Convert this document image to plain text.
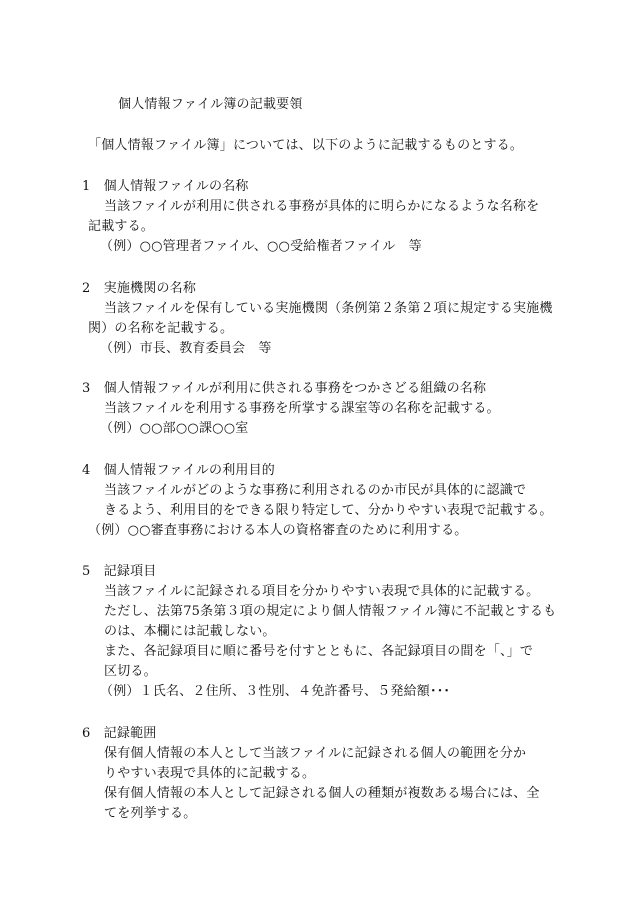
個人情報ファイル簿の記載要領
「個人情報ファイル簿」については、以下のように記載するものとする。
1　個人情報ファイルの名称
当該ファイルが利用に供される事務が具体的に明らかになるような名称を
記載する。
（例）○○管理者ファイル、○○受給権者ファイル　等
2　実施機関の名称
当該ファイルを保有している実施機関（条例第２条第２項に規定する実施機
関）の名称を記載する。
（例）市長、教育委員会　等
3　個人情報ファイルが利用に供される事務をつかさどる組織の名称
当該ファイルを利用する事務を所掌する課室等の名称を記載する。
（例）○○部○○課○○室
4　個人情報ファイルの利用目的
当該ファイルがどのような事務に利用されるのか市民が具体的に認識で
きるよう、利用目的をできる限り特定して、分かりやすい表現で記載する。
（例）○○審査事務における本人の資格審査のために利用する。
5　記録項目
当該ファイルに記録される項目を分かりやすい表現で具体的に記載する。
ただし、法第75条第３項の規定により個人情報ファイル簿に不記載とするも
のは、本欄には記載しない。
また、各記録項目に順に番号を付すとともに、各記録項目の間を「、」で
区切る。
（例）１氏名、２住所、３性別、４免許番号、５発給額･･･
6　記録範囲
保有個人情報の本人として当該ファイルに記録される個人の範囲を分か
りやすい表現で具体的に記載する。
保有個人情報の本人として記録される個人の種類が複数ある場合には、全
てを列挙する。
